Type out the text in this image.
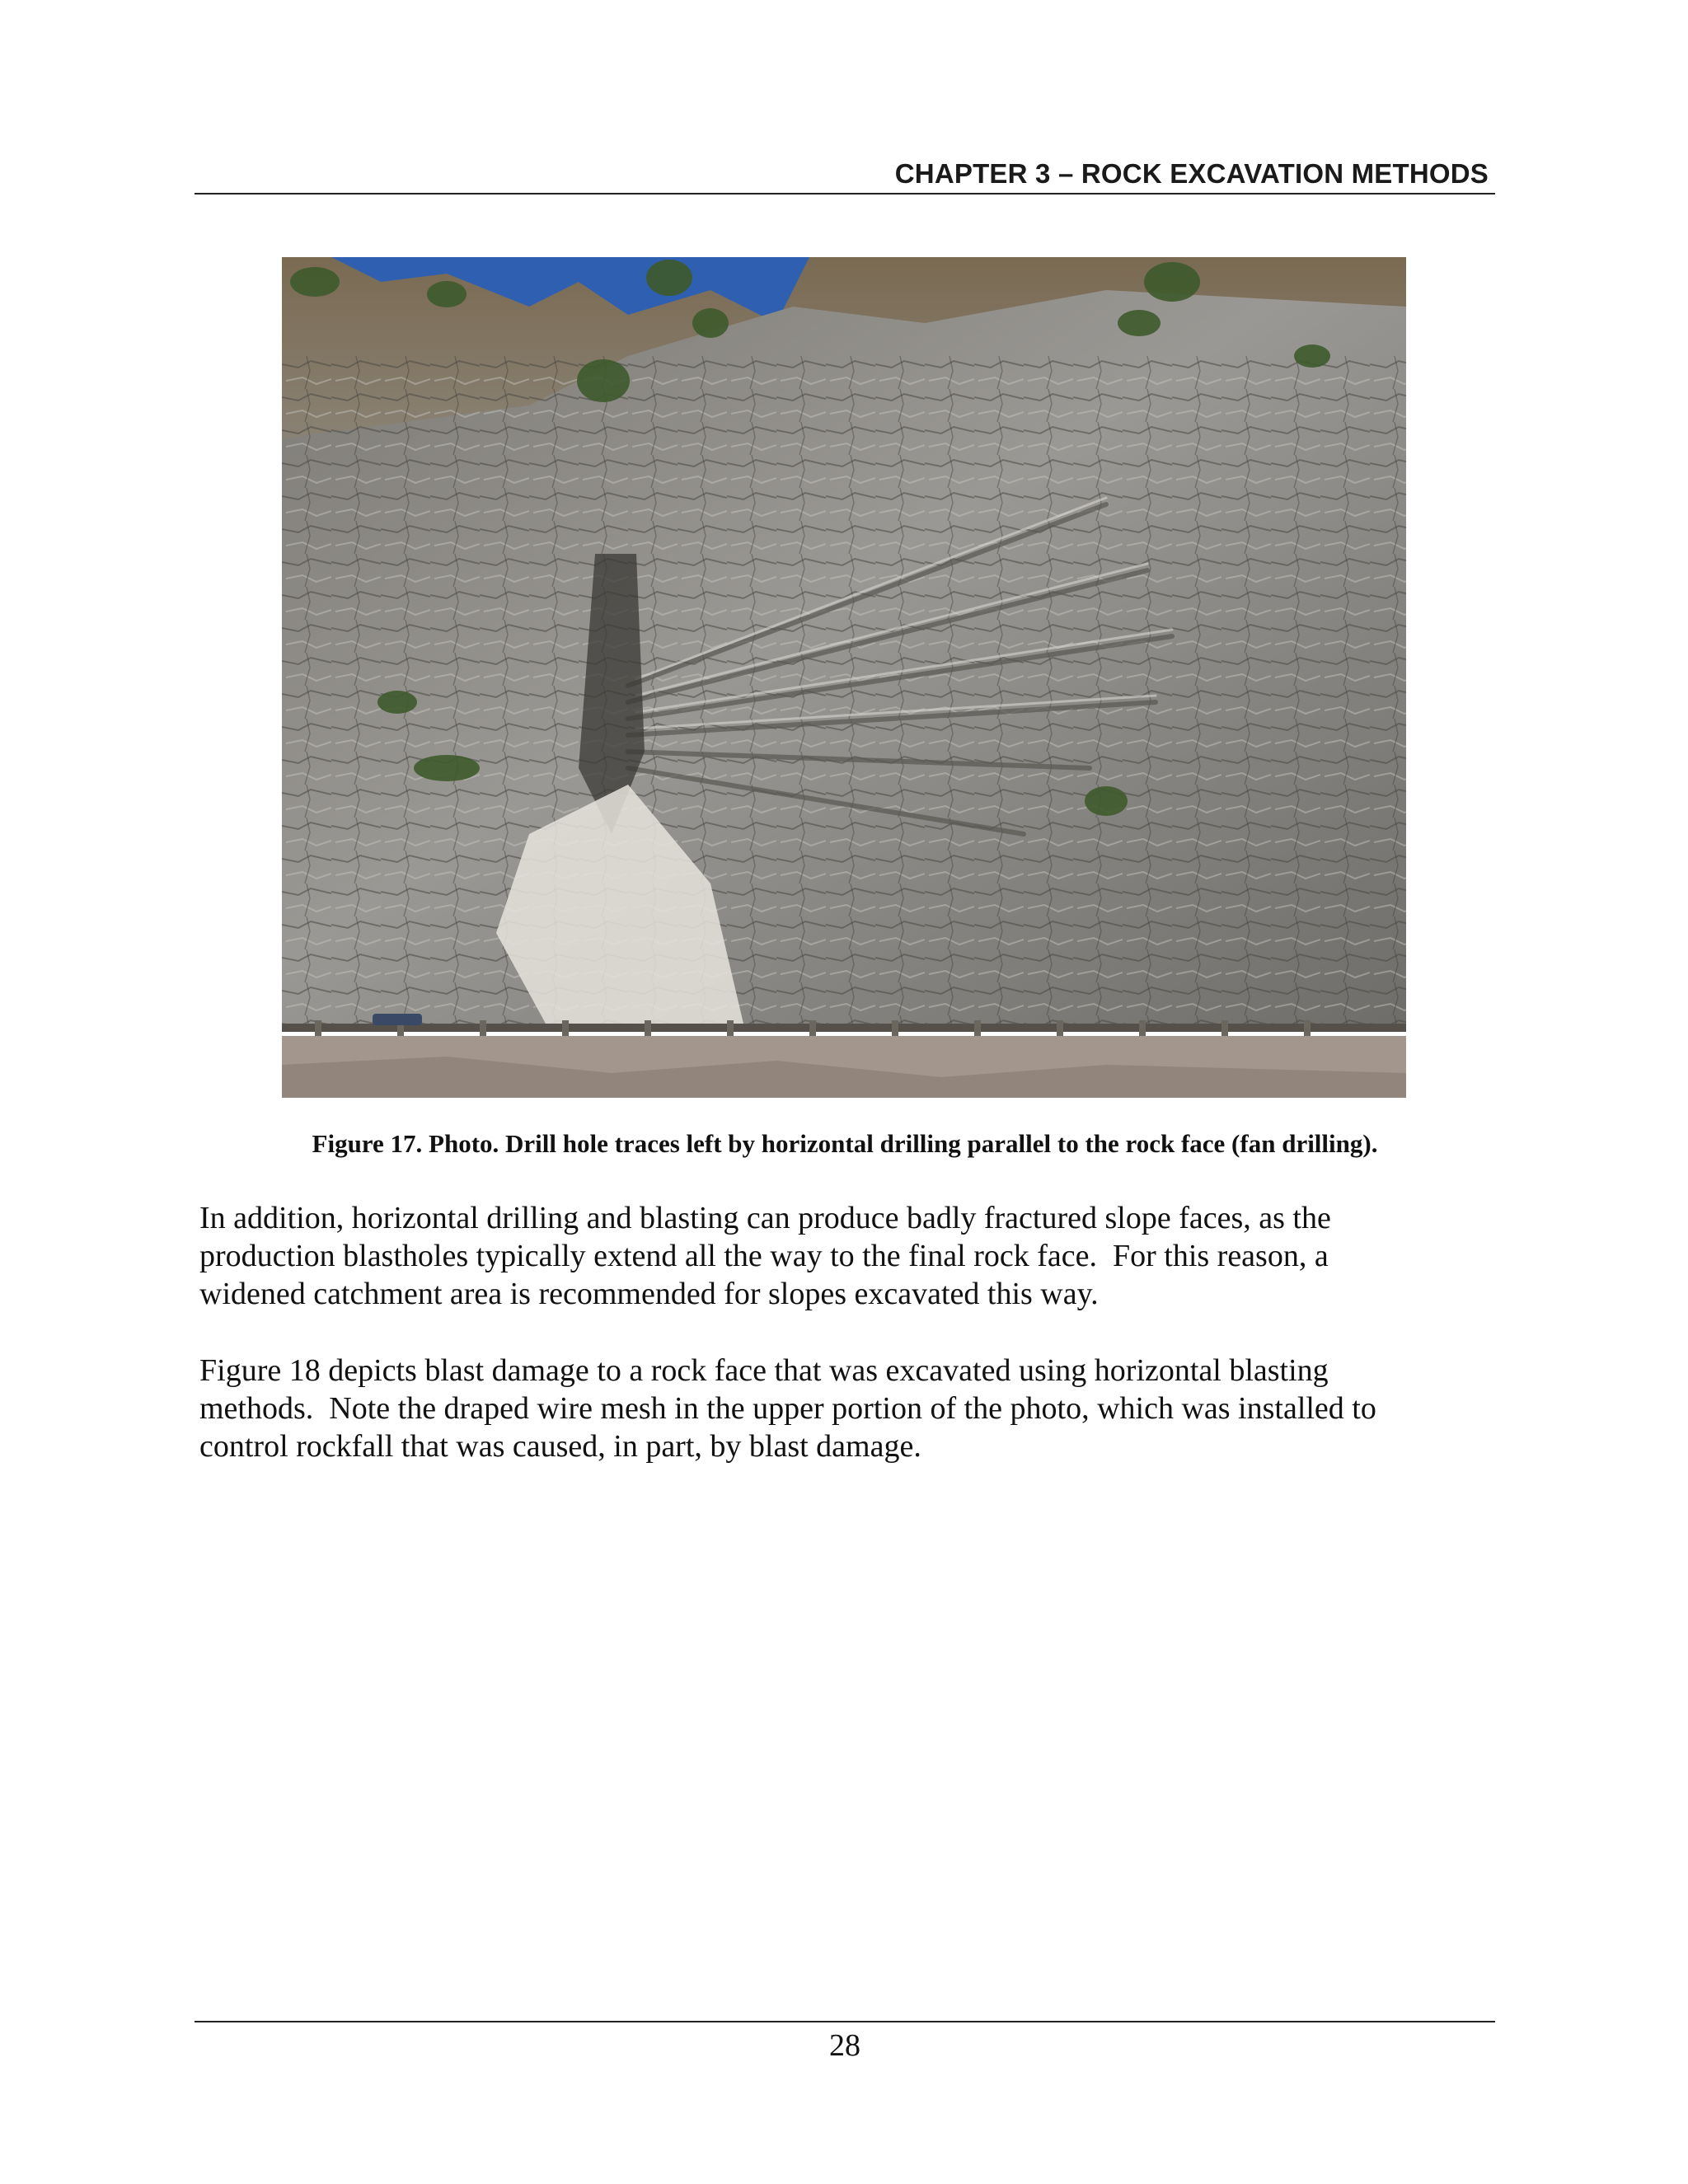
CHAPTER 3 – ROCK EXCAVATION METHODS
Figure 17. Photo. Drill hole traces left by horizontal drilling parallel to the rock face (fan drilling).
In addition, horizontal drilling and blasting can produce badly fractured slope faces, as the
production blastholes typically extend all the way to the final rock face.  For this reason, a
widened catchment area is recommended for slopes excavated this way.
Figure 18 depicts blast damage to a rock face that was excavated using horizontal blasting
methods.  Note the draped wire mesh in the upper portion of the photo, which was installed to
control rockfall that was caused, in part, by blast damage.
28
